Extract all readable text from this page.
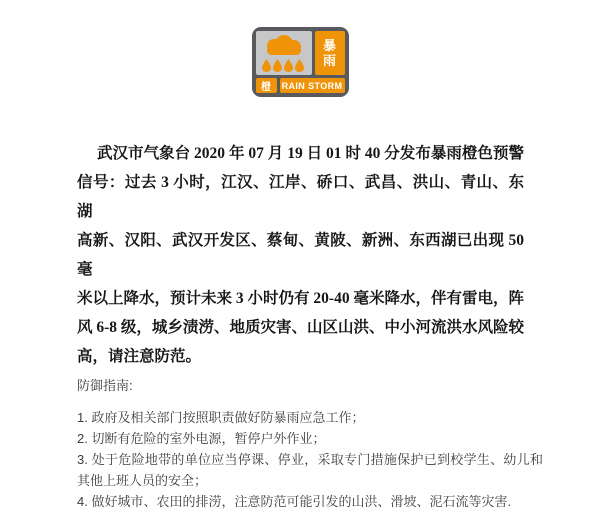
暴
雨
橙	RAIN STORM
武汉市气象台 2020 年 07 月 19 日 01 时 40 分发布暴雨橙色预警
信号：过去 3 小时，江汉、江岸、硚口、武昌、洪山、青山、东湖
高新、汉阳、武汉开发区、蔡甸、黄陂、新洲、东西湖已出现 50 毫
米以上降水，预计未来 3 小时仍有 20-40 毫米降水，伴有雷电，阵
风 6-8 级，城乡渍涝、地质灾害、山区山洪、中小河流洪水风险较
高，请注意防范。
防御指南:
1. 政府及相关部门按照职责做好防暴雨应急工作；
2. 切断有危险的室外电源，暂停户外作业；
3. 处于危险地带的单位应当停课、停业，采取专门措施保护已到校学生、幼儿和其他上班人员的安全；
4. 做好城市、农田的排涝，注意防范可能引发的山洪、滑坡、泥石流等灾害.
